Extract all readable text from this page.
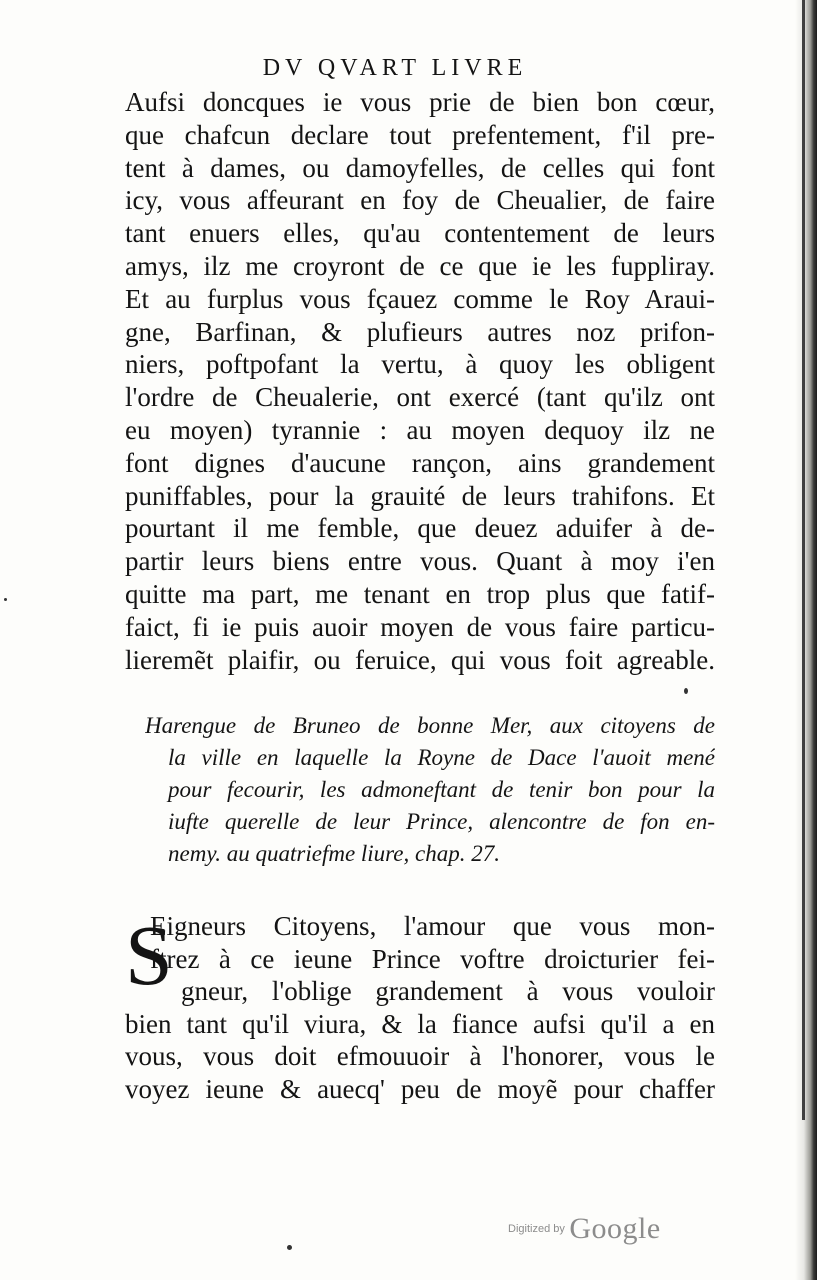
DV QVART LIVRE
Aufsi doncques ie vous prie de bien bon cœur,
que chafcun declare tout prefentement, f'il pre-
tent à dames, ou damoyfelles, de celles qui font
icy, vous affeurant en foy de Cheualier, de faire
tant enuers elles, qu'au contentement de leurs
amys, ilz me croyront de ce que ie les fuppliray.
Et au furplus vous fçauez comme le Roy Araui-
gne, Barfinan, & plufieurs autres noz prifon-
niers, poftpofant la vertu, à quoy les obligent
l'ordre de Cheualerie, ont exercé (tant qu'ilz ont
eu moyen) tyrannie : au moyen dequoy ilz ne
font dignes d'aucune rançon, ains grandement
puniffables, pour la grauité de leurs trahifons. Et
pourtant il me femble, que deuez aduifer à de-
partir leurs biens entre vous. Quant à moy i'en
quitte ma part, me tenant en trop plus que fatif-
faict, fi ie puis auoir moyen de vous faire particu-
lieremẽt plaifir, ou feruice, qui vous foit agreable.
Harengue de Bruneo de bonne Mer, aux citoyens de
la ville en laquelle la Royne de Dace l'auoit mené
pour fecourir, les admoneftant de tenir bon pour la
iufte querelle de leur Prince, alencontre de fon en-
nemy. au quatriefme liure, chap. 27.
S
Eigneurs Citoyens, l'amour que vous mon-
ftrez à ce ieune Prince voftre droicturier fei-
gneur, l'oblige grandement à vous vouloir
bien tant qu'il viura, & la fiance aufsi qu'il a en
vous, vous doit efmouuoir à l'honorer, vous le
voyez ieune & auecq' peu de moyẽ pour chaffer
Digitized by Google
